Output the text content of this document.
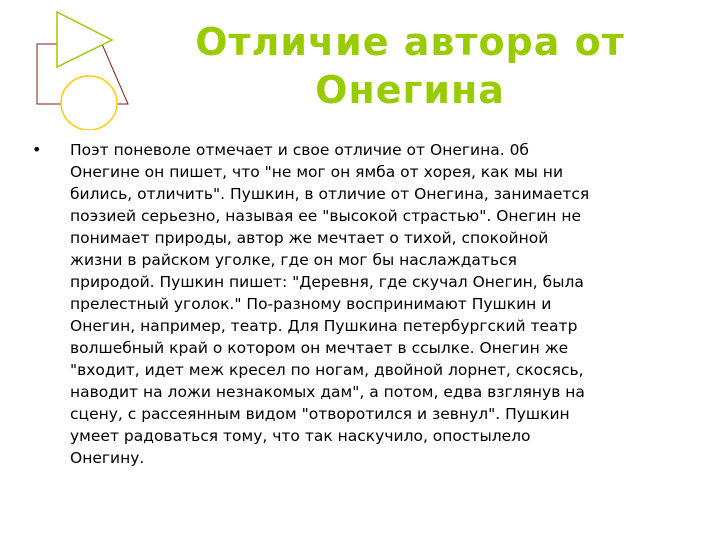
Отличие автора от
Онегина
•	Поэт поневоле отмечает и свое отличие от Онегина. 0б
Онегине он пишет, что "не мог он ямба от хорея, как мы ни
бились, отличить". Пушкин, в отличие от Онегина, занимается
поэзией серьезно, называя ее "высокой страстью". Онегин не
понимает природы, автор же мечтает о тихой, спокойной
жизни в райском уголке, где он мог бы наслаждаться
природой. Пушкин пишет: "Деревня, где скучал Онегин, была
прелестный уголок." По-разному воспринимают Пушкин и
Онегин, например, театр. Для Пушкина петербургский театр
волшебный край о котором он мечтает в ссылке. Онегин же
"входит, идет меж кресел по ногам, двойной лорнет, скосясь,
наводит на ложи незнакомых дам", а потом, едва взглянув на
сцену, с рассеянным видом "отворотился и зевнул". Пушкин
умеет радоваться тому, что так наскучило, опостылело
Онегину.
